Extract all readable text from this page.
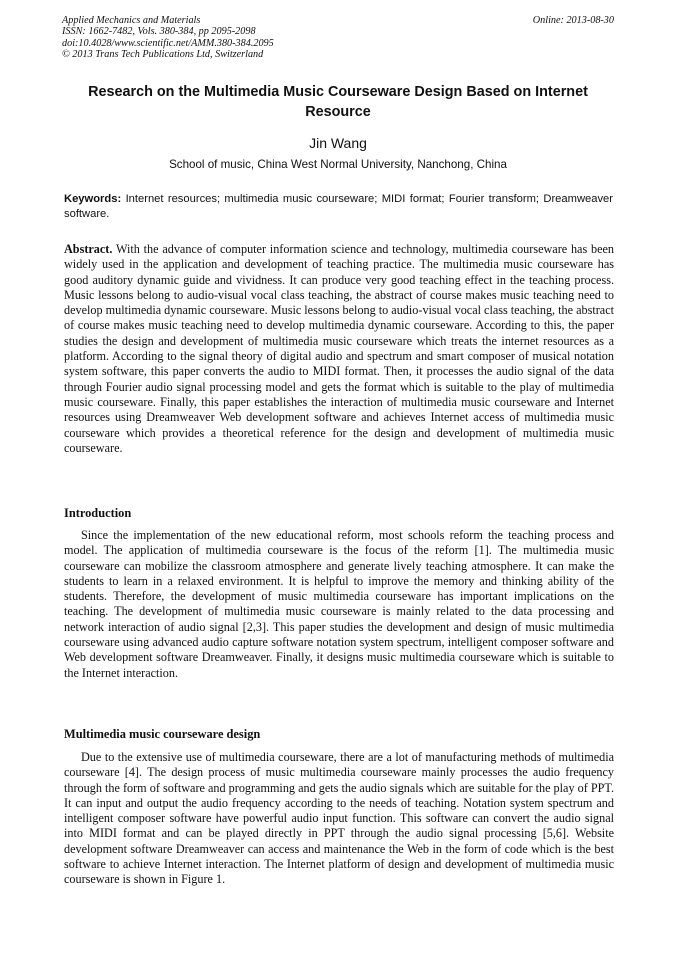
Applied Mechanics and Materials
ISSN: 1662-7482, Vols. 380-384, pp 2095-2098
doi:10.4028/www.scientific.net/AMM.380-384.2095
© 2013 Trans Tech Publications Ltd, Switzerland
Online: 2013-08-30
Research on the Multimedia Music Courseware Design Based on Internet Resource
Jin Wang
School of music, China West Normal University, Nanchong, China
Keywords: Internet resources; multimedia music courseware; MIDI format; Fourier transform; Dreamweaver software.
Abstract. With the advance of computer information science and technology, multimedia courseware has been widely used in the application and development of teaching practice. The multimedia music courseware has good auditory dynamic guide and vividness. It can produce very good teaching effect in the teaching process. Music lessons belong to audio-visual vocal class teaching, the abstract of course makes music teaching need to develop multimedia dynamic courseware. Music lessons belong to audio-visual vocal class teaching, the abstract of course makes music teaching need to develop multimedia dynamic courseware. According to this, the paper studies the design and development of multimedia music courseware which treats the internet resources as a platform. According to the signal theory of digital audio and spectrum and smart composer of musical notation system software, this paper converts the audio to MIDI format. Then, it processes the audio signal of the data through Fourier audio signal processing model and gets the format which is suitable to the play of multimedia music courseware. Finally, this paper establishes the interaction of multimedia music courseware and Internet resources using Dreamweaver Web development software and achieves Internet access of multimedia music courseware which provides a theoretical reference for the design and development of multimedia music courseware.
Introduction

Since the implementation of the new educational reform, most schools reform the teaching process and model. The application of multimedia courseware is the focus of the reform [1]. The multimedia music courseware can mobilize the classroom atmosphere and generate lively teaching atmosphere. It can make the students to learn in a relaxed environment. It is helpful to improve the memory and thinking ability of the students. Therefore, the development of music multimedia courseware has important implications on the teaching. The development of multimedia music courseware is mainly related to the data processing and network interaction of audio signal [2,3]. This paper studies the development and design of music multimedia courseware using advanced audio capture software notation system spectrum, intelligent composer software and Web development software Dreamweaver. Finally, it designs music multimedia courseware which is suitable to the Internet interaction.

Multimedia music courseware design

Due to the extensive use of multimedia courseware, there are a lot of manufacturing methods of multimedia courseware [4]. The design process of music multimedia courseware mainly processes the audio frequency through the form of software and programming and gets the audio signals which are suitable for the play of PPT. It can input and output the audio frequency according to the needs of teaching. Notation system spectrum and intelligent composer software have powerful audio input function. This software can convert the audio signal into MIDI format and can be played directly in PPT through the audio signal processing [5,6]. Website development software Dreamweaver can access and maintenance the Web in the form of code which is the best software to achieve Internet interaction. The Internet platform of design and development of multimedia music courseware is shown in Figure 1.
